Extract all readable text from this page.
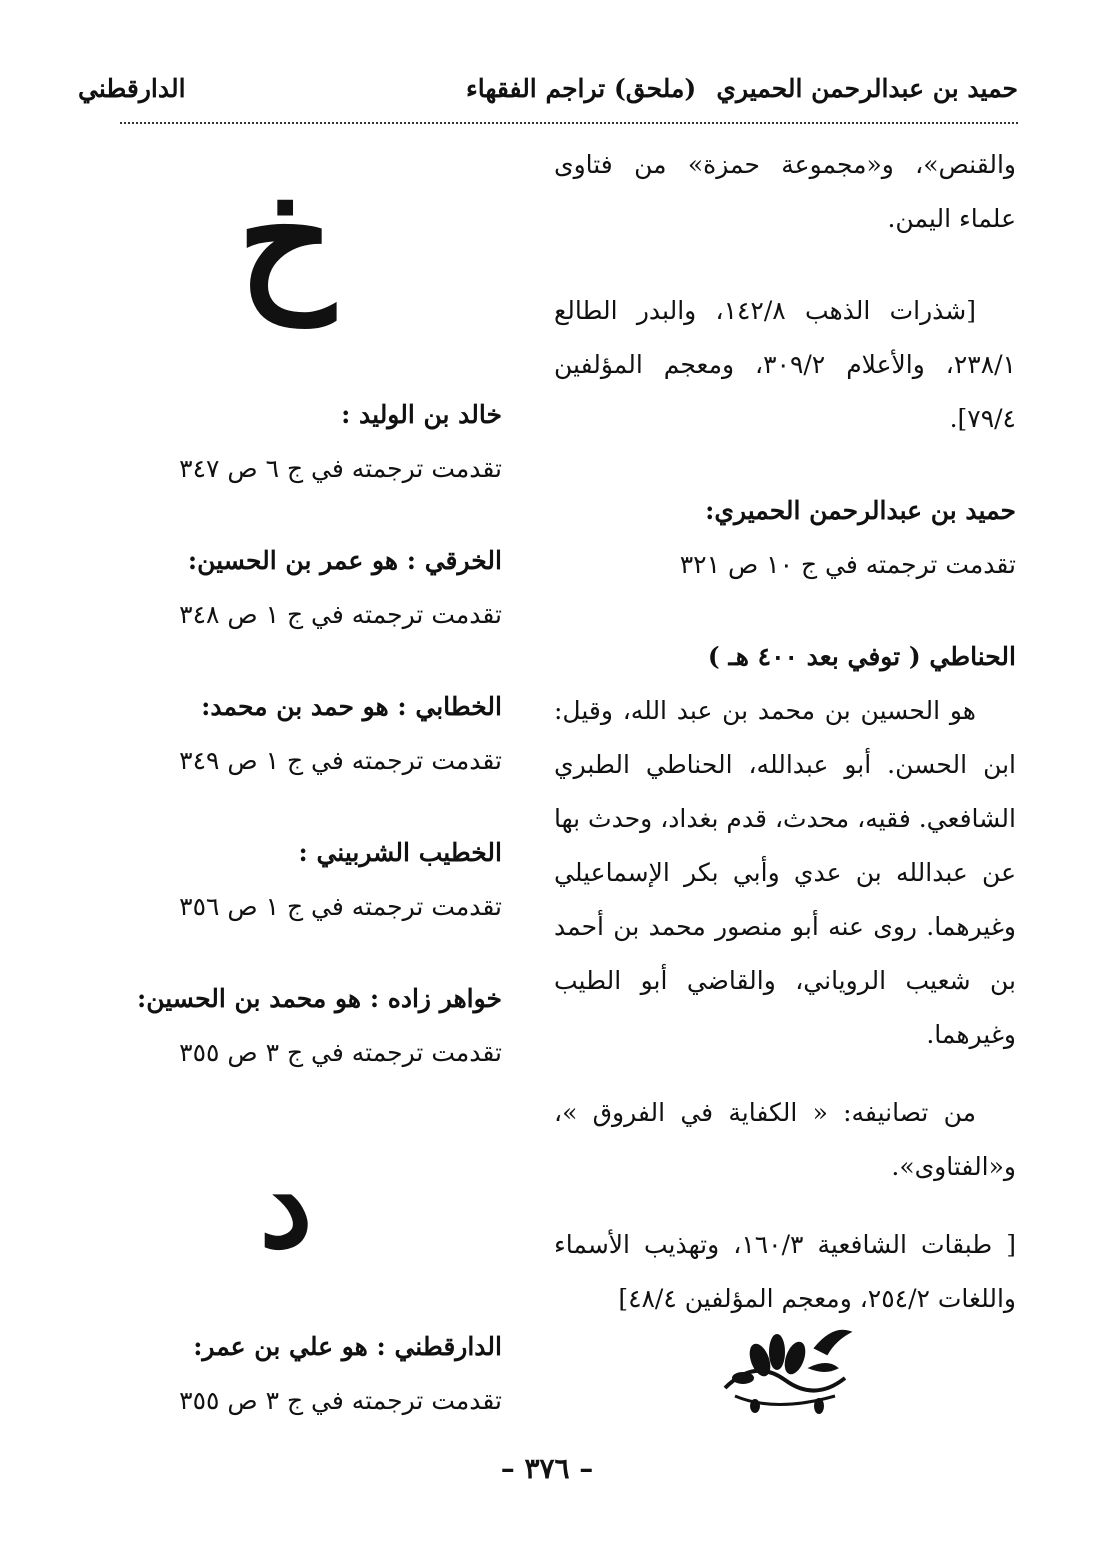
حميد بن عبدالرحمن الحميري
(ملحق) تراجم الفقهاء
الدارقطني

والقنص»، و«مجموعة حمزة» من فتاوى علماء اليمن.

[شذرات الذهب ١٤٢/٨، والبدر الطالع ٢٣٨/١، والأعلام ٣٠٩/٢، ومعجم المؤلفين ٧٩/٤].

حميد بن عبدالرحمن الحميري:

تقدمت ترجمته في ج ١٠ ص ٣٢١

الحناطي ( توفي بعد ٤٠٠ هـ )

هو الحسين بن محمد بن عبد الله، وقيل: ابن الحسن. أبو عبدالله، الحناطي الطبري الشافعي. فقيه، محدث، قدم بغداد، وحدث بها عن عبدالله بن عدي وأبي بكر الإسماعيلي وغيرهما. روى عنه أبو منصور محمد بن أحمد بن شعيب الروياني، والقاضي أبو الطيب وغيرهما.

من تصانيفه: « الكفاية في الفروق »، و«الفتاوى».

[ طبقات الشافعية ١٦٠/٣، وتهذيب الأسماء واللغات ٢٥٤/٢، ومعجم المؤلفين ٤٨/٤]

خ
خالد بن الوليد :
تقدمت ترجمته في ج ٦ ص ٣٤٧
الخرقي : هو عمر بن الحسين:
تقدمت ترجمته في ج ١ ص ٣٤٨
الخطابي : هو حمد بن محمد:
تقدمت ترجمته في ج ١ ص ٣٤٩
الخطيب الشربيني :
تقدمت ترجمته في ج ١ ص ٣٥٦
خواهر زاده : هو محمد بن الحسين:
تقدمت ترجمته في ج ٣ ص ٣٥٥
د
الدارقطني : هو علي بن عمر:
تقدمت ترجمته في ج ٣ ص ٣٥٥
– ٣٧٦ –
